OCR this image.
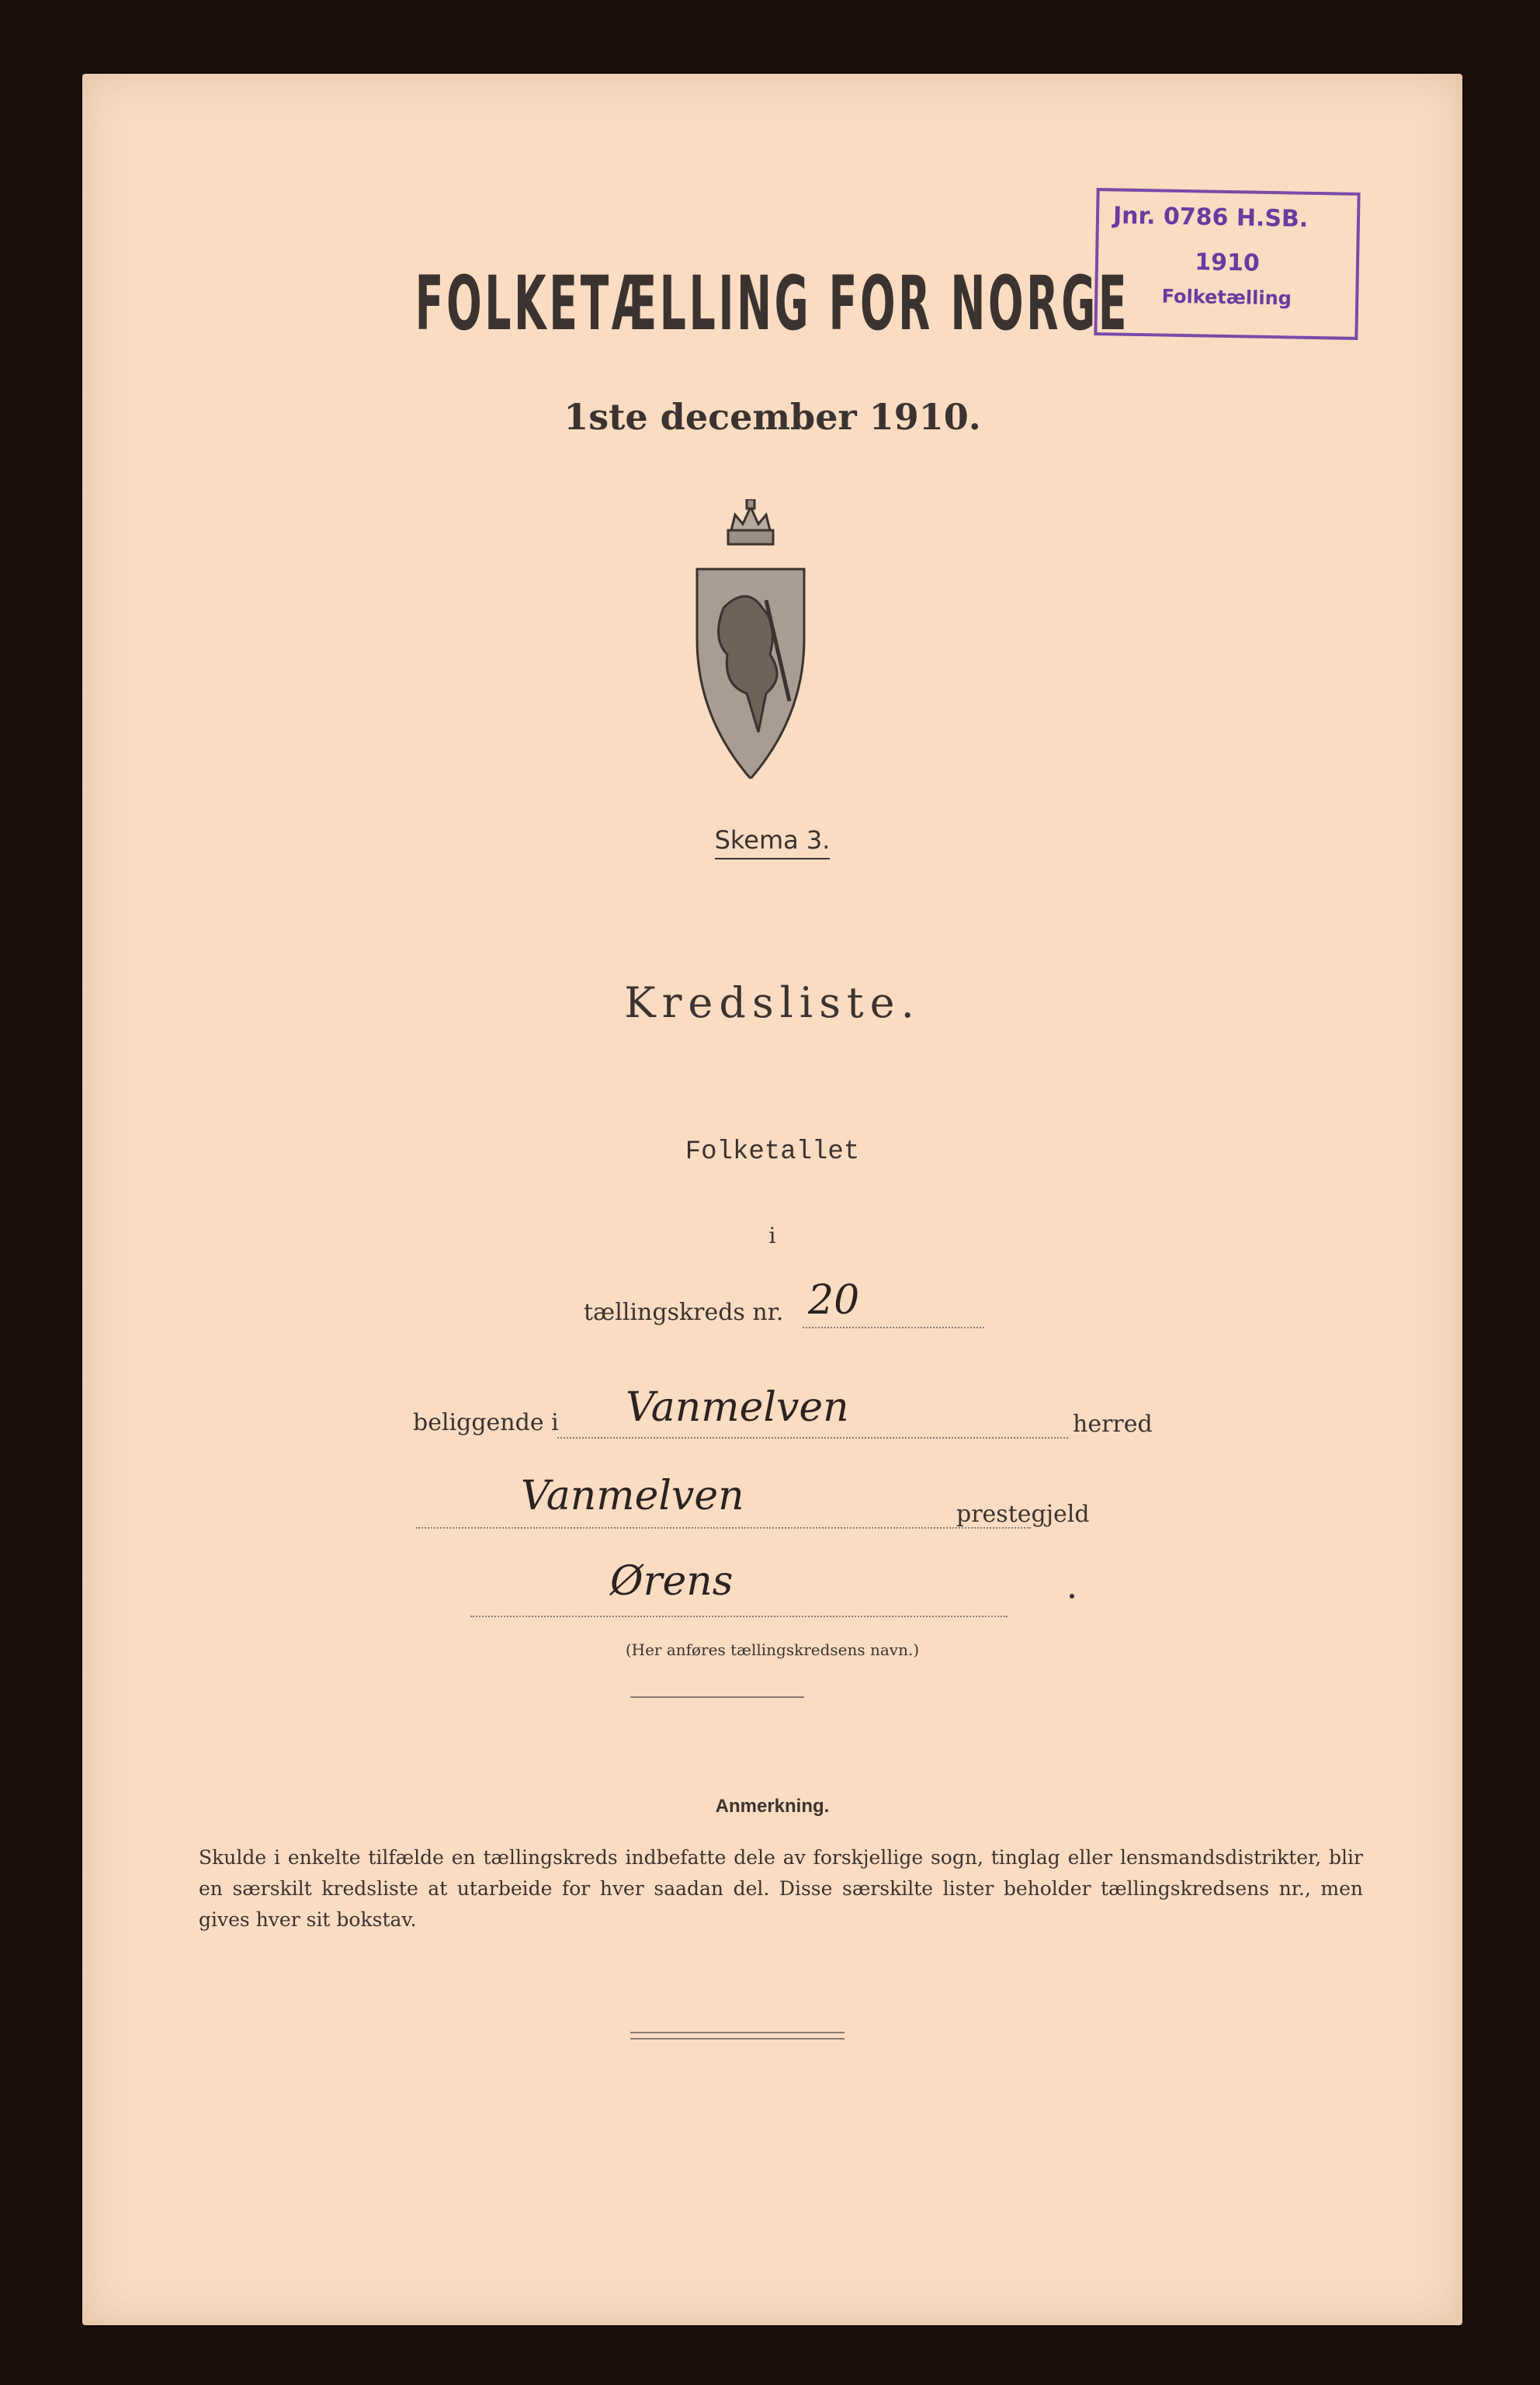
Jnr. 0786 H.SB.
1910
Folketælling
FOLKETÆLLING FOR NORGE
1ste december 1910.
Skema 3.
Kredsliste.
Folketallet
i
tællingskreds nr. 20
beliggende i Vanmelven	herred
Vanmelven	prestegjeld
Ørens
(Her anføres tællingskredsens navn.)
Anmerkning.
Skulde i enkelte tilfælde en tællingskreds indbefatte dele av forskjellige sogn, tinglag eller lensmandsdistrikter, blir en særskilt kredsliste at utarbeide for hver saadan del. Disse særskilte lister beholder tællingskredsens nr., men gives hver sit bokstav.
